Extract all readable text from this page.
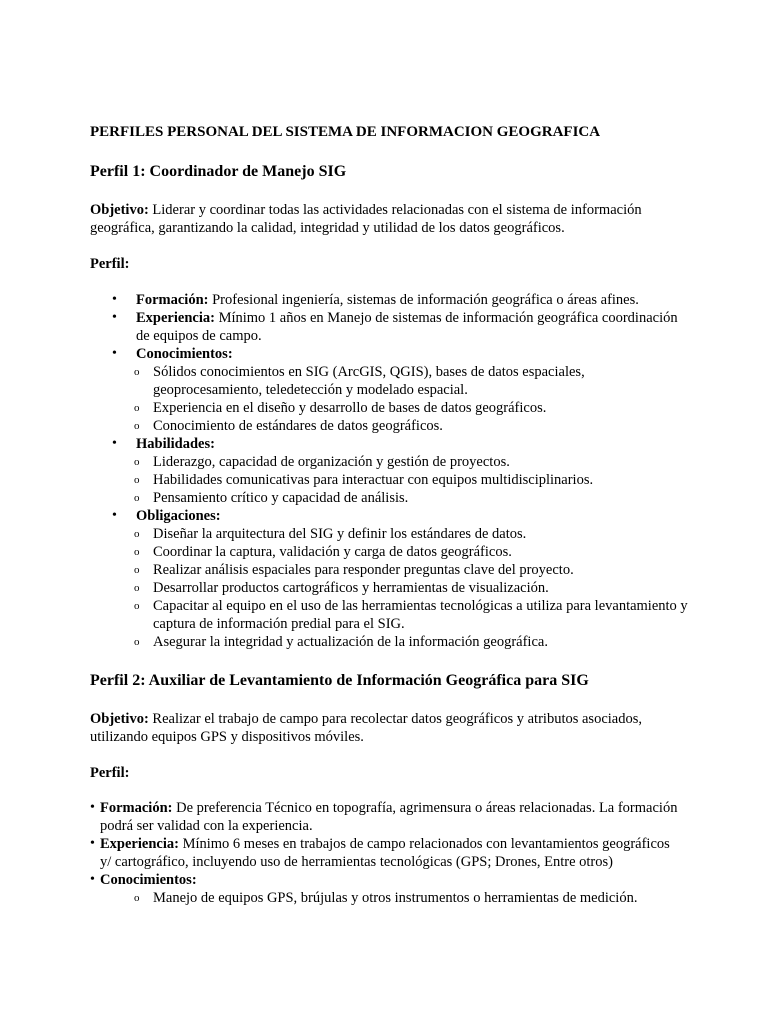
PERFILES PERSONAL DEL SISTEMA DE INFORMACION GEOGRAFICA
Perfil 1: Coordinador de Manejo SIG

Objetivo: Liderar y coordinar todas las actividades relacionadas con el sistema de información geográfica, garantizando la calidad, integridad y utilidad de los datos geográficos.

Perfil:

• Formación: Profesional ingeniería, sistemas de información geográfica o áreas afines.
• Experiencia: Mínimo 1 años en Manejo de sistemas de información geográfica coordinación de equipos de campo.
• Conocimientos:
o Sólidos conocimientos en SIG (ArcGIS, QGIS), bases de datos espaciales, geoprocesamiento, teledetección y modelado espacial.
o Experiencia en el diseño y desarrollo de bases de datos geográficos.
o Conocimiento de estándares de datos geográficos.
• Habilidades:
o Liderazgo, capacidad de organización y gestión de proyectos.
o Habilidades comunicativas para interactuar con equipos multidisciplinarios.
o Pensamiento crítico y capacidad de análisis.
• Obligaciones:
o Diseñar la arquitectura del SIG y definir los estándares de datos.
o Coordinar la captura, validación y carga de datos geográficos.
o Realizar análisis espaciales para responder preguntas clave del proyecto.
o Desarrollar productos cartográficos y herramientas de visualización.
o Capacitar al equipo en el uso de las herramientas tecnológicas a utiliza para levantamiento y captura de información predial para el SIG.
o Asegurar la integridad y actualización de la información geográfica.
Perfil 2: Auxiliar de Levantamiento de Información Geográfica para SIG

Objetivo: Realizar el trabajo de campo para recolectar datos geográficos y atributos asociados, utilizando equipos GPS y dispositivos móviles.

Perfil:

• Formación: De preferencia Técnico en topografía, agrimensura o áreas relacionadas. La formación podrá ser validad con la experiencia.
• Experiencia: Mínimo 6 meses en trabajos de campo relacionados con levantamientos geográficos y/ cartográfico, incluyendo uso de herramientas tecnológicas (GPS; Drones, Entre otros)
• Conocimientos:
o Manejo de equipos GPS, brújulas y otros instrumentos o herramientas de medición.
